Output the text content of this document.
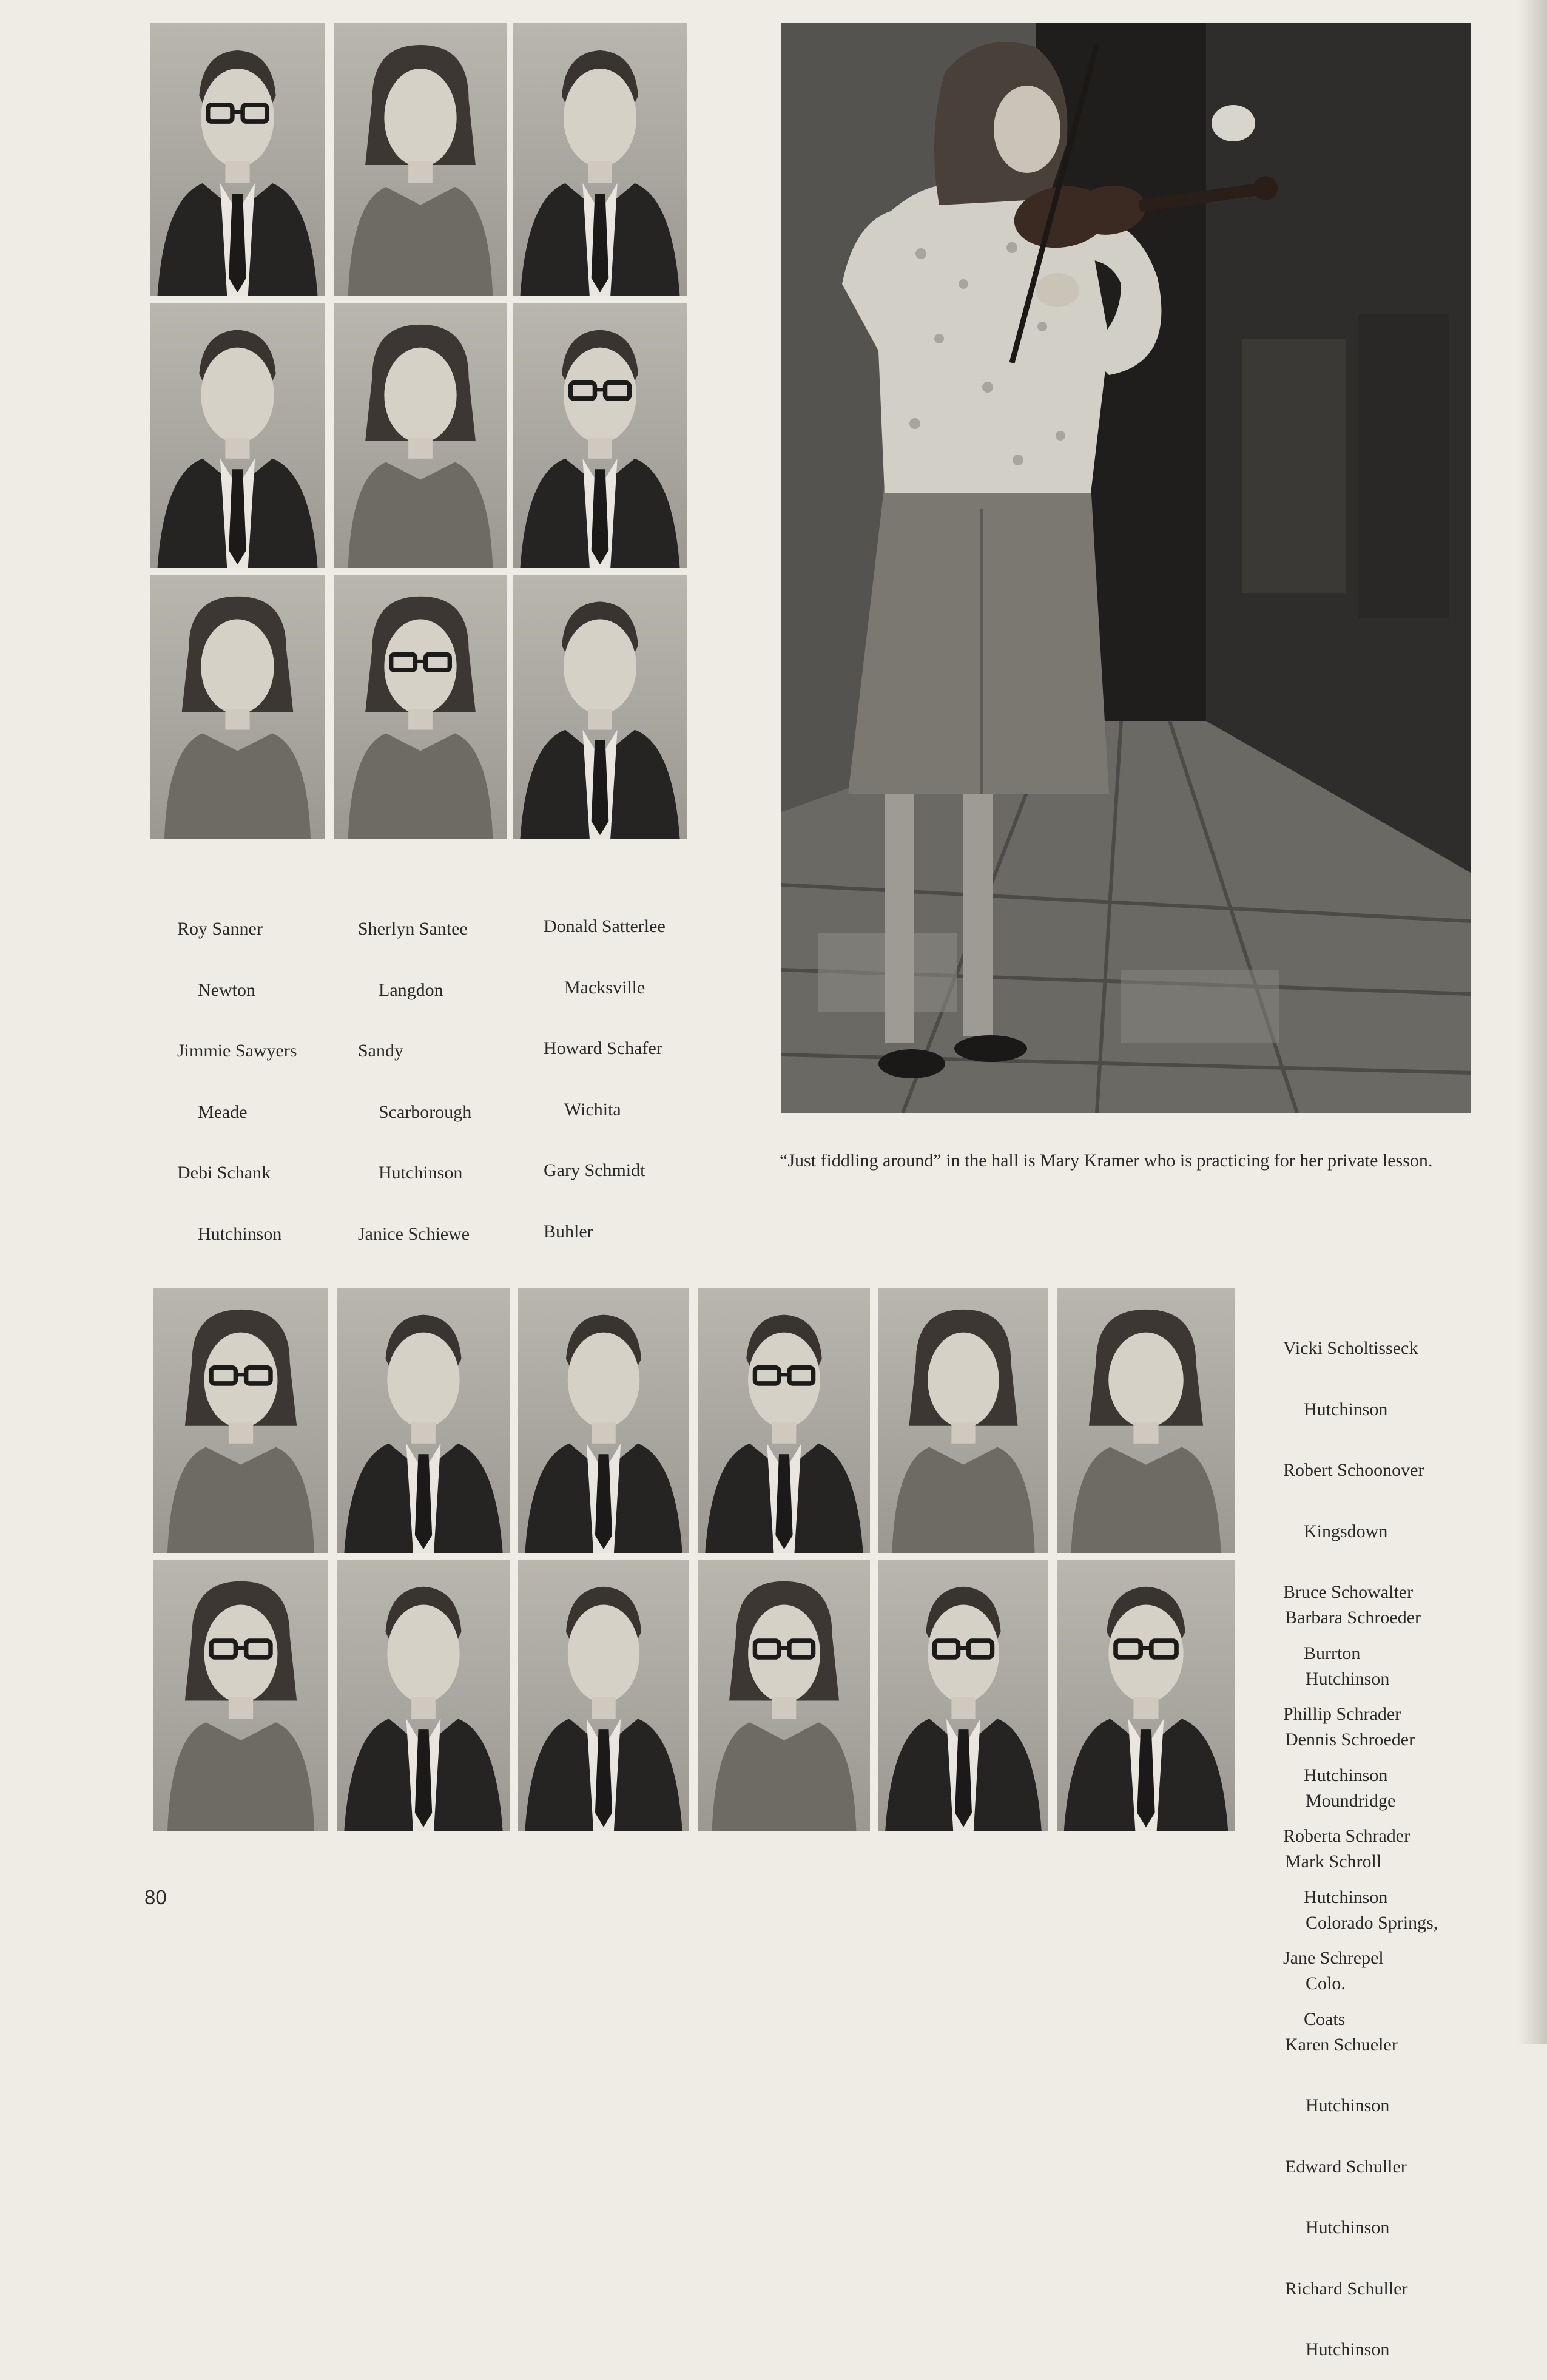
Roy Sanner

Newton

Jimmie Sawyers

Meade

Debi Schank

Hutchinson

Sherlyn Santee

Langdon

Sandy

Scarborough

Hutchinson

Janice Schiewe

Donald Satterlee

Macksville

Howard Schafer

Wichita

Gary Schmidt

Buhler

“Just fiddling around” in the hall is Mary Kramer who is practicing for her private lesson.

Vicki Scholtisseck

Hutchinson

Robert Schoonover

Kingsdown

Bruce Schowalter

Burrton

Phillip Schrader

Hutchinson

Roberta Schrader

Hutchinson

Jane Schrepel

Coats

Barbara Schroeder

Hutchinson

Dennis Schroeder

Moundridge

Mark Schroll

Colorado Springs,

Colo.

Karen Schueler

Hutchinson

Edward Schuller

Hutchinson

Richard Schuller

Hutchinson

80
